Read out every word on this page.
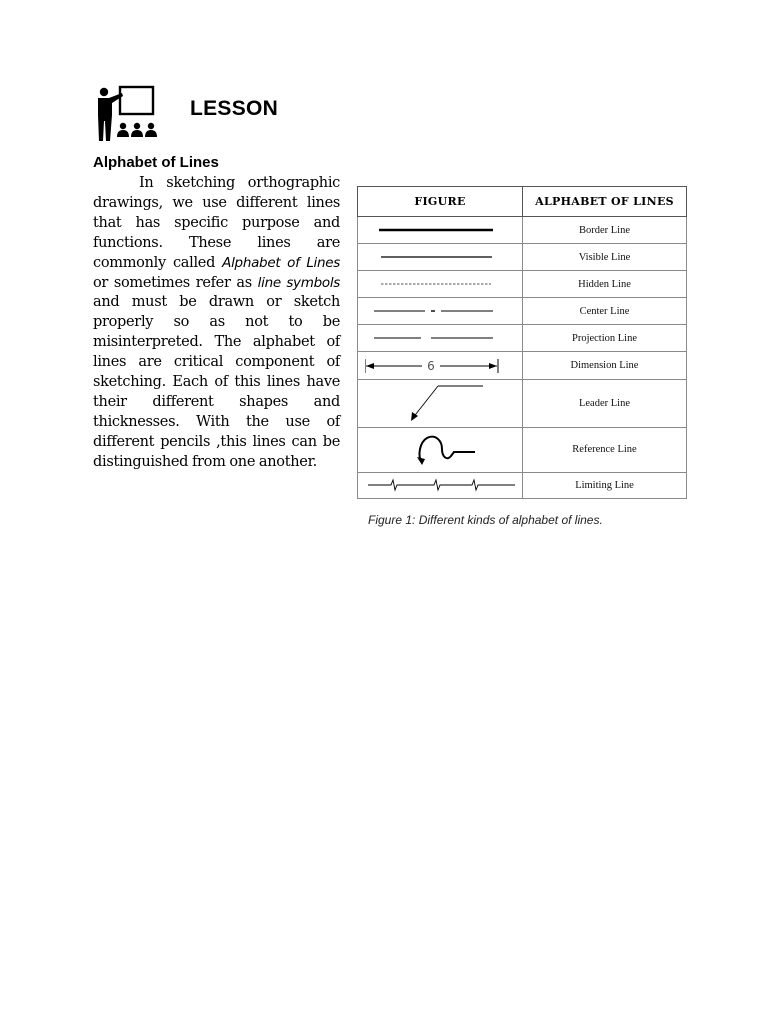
LESSON
Alphabet of Lines

In sketching orthographic drawings, we use different lines that has specific purpose and functions. These lines are commonly called Alphabet of Lines or sometimes refer as line symbols and must be drawn or sketch properly so as not to be misinterpreted. The alphabet of lines are critical component of sketching. Each of this lines have their different shapes and thicknesses. With the use of different pencils ,this lines can be distinguished from one another.

FIGURE	ALPHABET OF LINES

	Border Line

	Visible Line

	Hidden Line

	Center Line

	Projection Line

6	Dimension Line

	Leader Line

	Reference Line

	Limiting Line

Figure 1: Different kinds of alphabet of lines.
